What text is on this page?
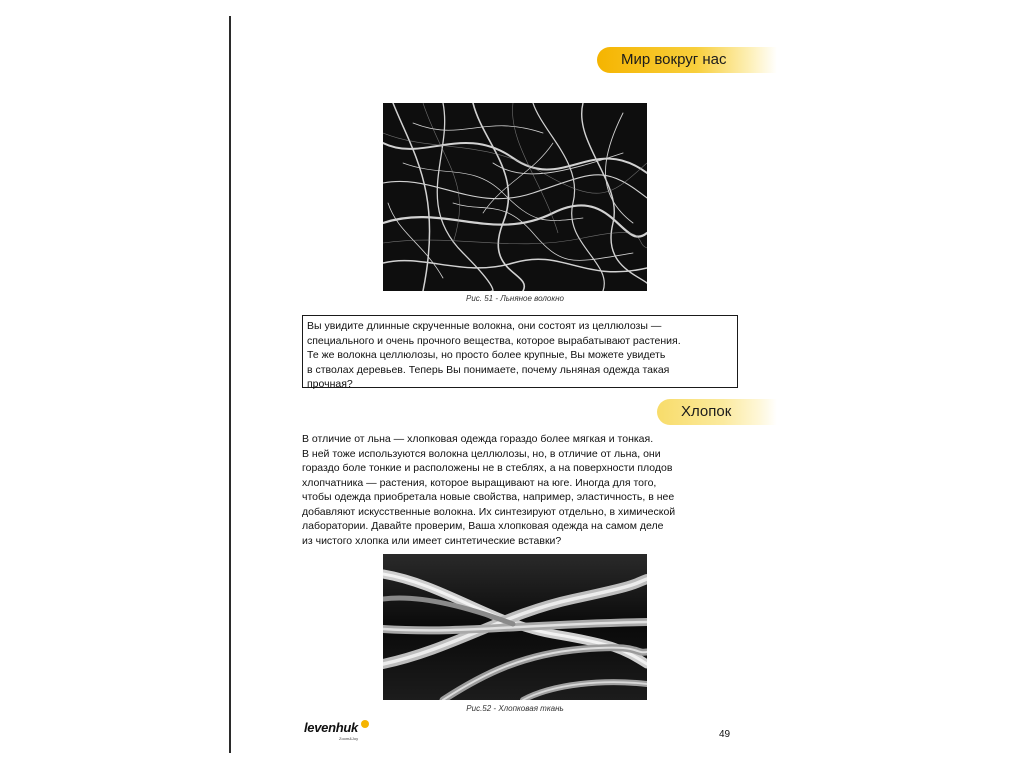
Мир вокруг нас
Рис. 51 - Льняное волокно
Вы увидите длинные скрученные волокна, они состоят из целлюлозы —
специального и очень прочного вещества, которое вырабатывают растения.
Те же волокна целлюлозы, но просто более крупные, Вы можете увидеть
в стволах деревьев. Теперь Вы понимаете, почему льняная одежда такая
прочная?
Хлопок
В отличие от льна — хлопковая одежда гораздо более мягкая и тонкая.
В ней тоже используются волокна целлюлозы, но, в отличие от льна, они
гораздо боле тонкие и расположены не в стеблях, а на поверхности плодов
хлопчатника — растения, которое выращивают на юге. Иногда для того,
чтобы одежда приобретала новые свойства, например, эластичность, в нее
добавляют искусственные волокна. Их синтезируют отдельно, в химической
лаборатории. Давайте проверим, Ваша хлопковая одежда на самом деле
из чистого хлопка или имеет синтетические вставки?
Рис.52 - Хлопковая ткань
levenhuk
Zoom&Joy	49
